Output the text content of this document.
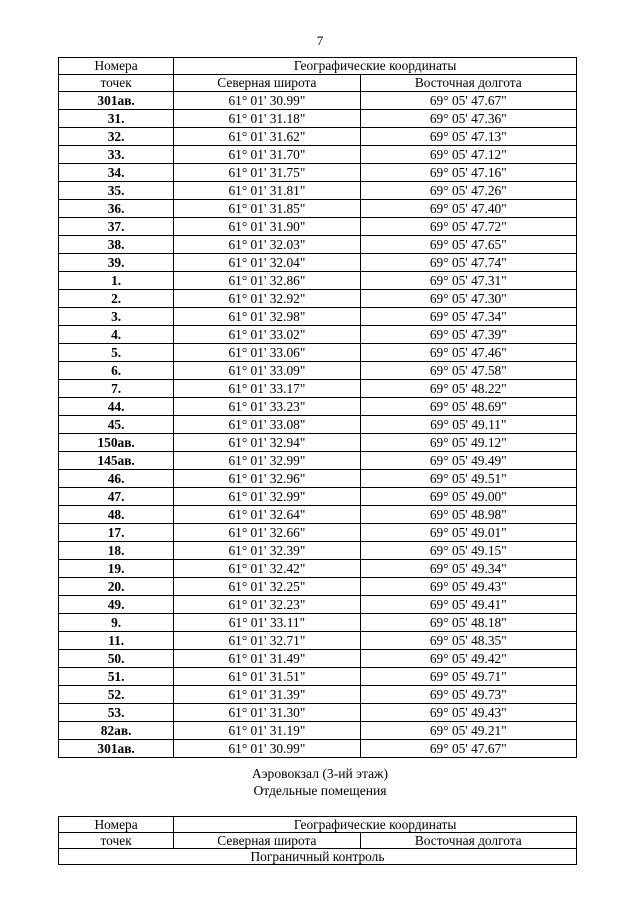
7
Номера	Географические координаты	
точек	Северная широта	Восточная долгота
301ав.	61° 01' 30.99"	69° 05' 47.67"
31.	61° 01' 31.18"	69° 05' 47.36"
32.	61° 01' 31.62"	69° 05' 47.13"
33.	61° 01' 31.70"	69° 05' 47.12"
34.	61° 01' 31.75"	69° 05' 47.16"
35.	61° 01' 31.81"	69° 05' 47.26"
36.	61° 01' 31.85"	69° 05' 47.40"
37.	61° 01' 31.90"	69° 05' 47.72"
38.	61° 01' 32.03"	69° 05' 47.65"
39.	61° 01' 32.04"	69° 05' 47.74"
1.	61° 01' 32.86"	69° 05' 47.31"
2.	61° 01' 32.92"	69° 05' 47.30"
3.	61° 01' 32.98"	69° 05' 47.34"
4.	61° 01' 33.02"	69° 05' 47.39"
5.	61° 01' 33.06"	69° 05' 47.46"
6.	61° 01' 33.09"	69° 05' 47.58"
7.	61° 01' 33.17"	69° 05' 48.22"
44.	61° 01' 33.23"	69° 05' 48.69"
45.	61° 01' 33.08"	69° 05' 49.11"
150ав.	61° 01' 32.94"	69° 05' 49.12"
145ав.	61° 01' 32.99"	69° 05' 49.49"
46.	61° 01' 32.96"	69° 05' 49.51"
47.	61° 01' 32.99"	69° 05' 49.00"
48.	61° 01' 32.64"	69° 05' 48.98"
17.	61° 01' 32.66"	69° 05' 49.01"
18.	61° 01' 32.39"	69° 05' 49.15"
19.	61° 01' 32.42"	69° 05' 49.34"
20.	61° 01' 32.25"	69° 05' 49.43"
49.	61° 01' 32.23"	69° 05' 49.41"
9.	61° 01' 33.11"	69° 05' 48.18"
11.	61° 01' 32.71"	69° 05' 48.35"
50.	61° 01' 31.49"	69° 05' 49.42"
51.	61° 01' 31.51"	69° 05' 49.71"
52.	61° 01' 31.39"	69° 05' 49.73"
53.	61° 01' 31.30"	69° 05' 49.43"
82ав.	61° 01' 31.19"	69° 05' 49.21"
301ав.	61° 01' 30.99"	69° 05' 47.67"
Аэровокзал (3-ий этаж)
Отдельные помещения
Номера	Географические координаты	
точек	Северная широта	Восточная долгота
Пограничный контроль		
